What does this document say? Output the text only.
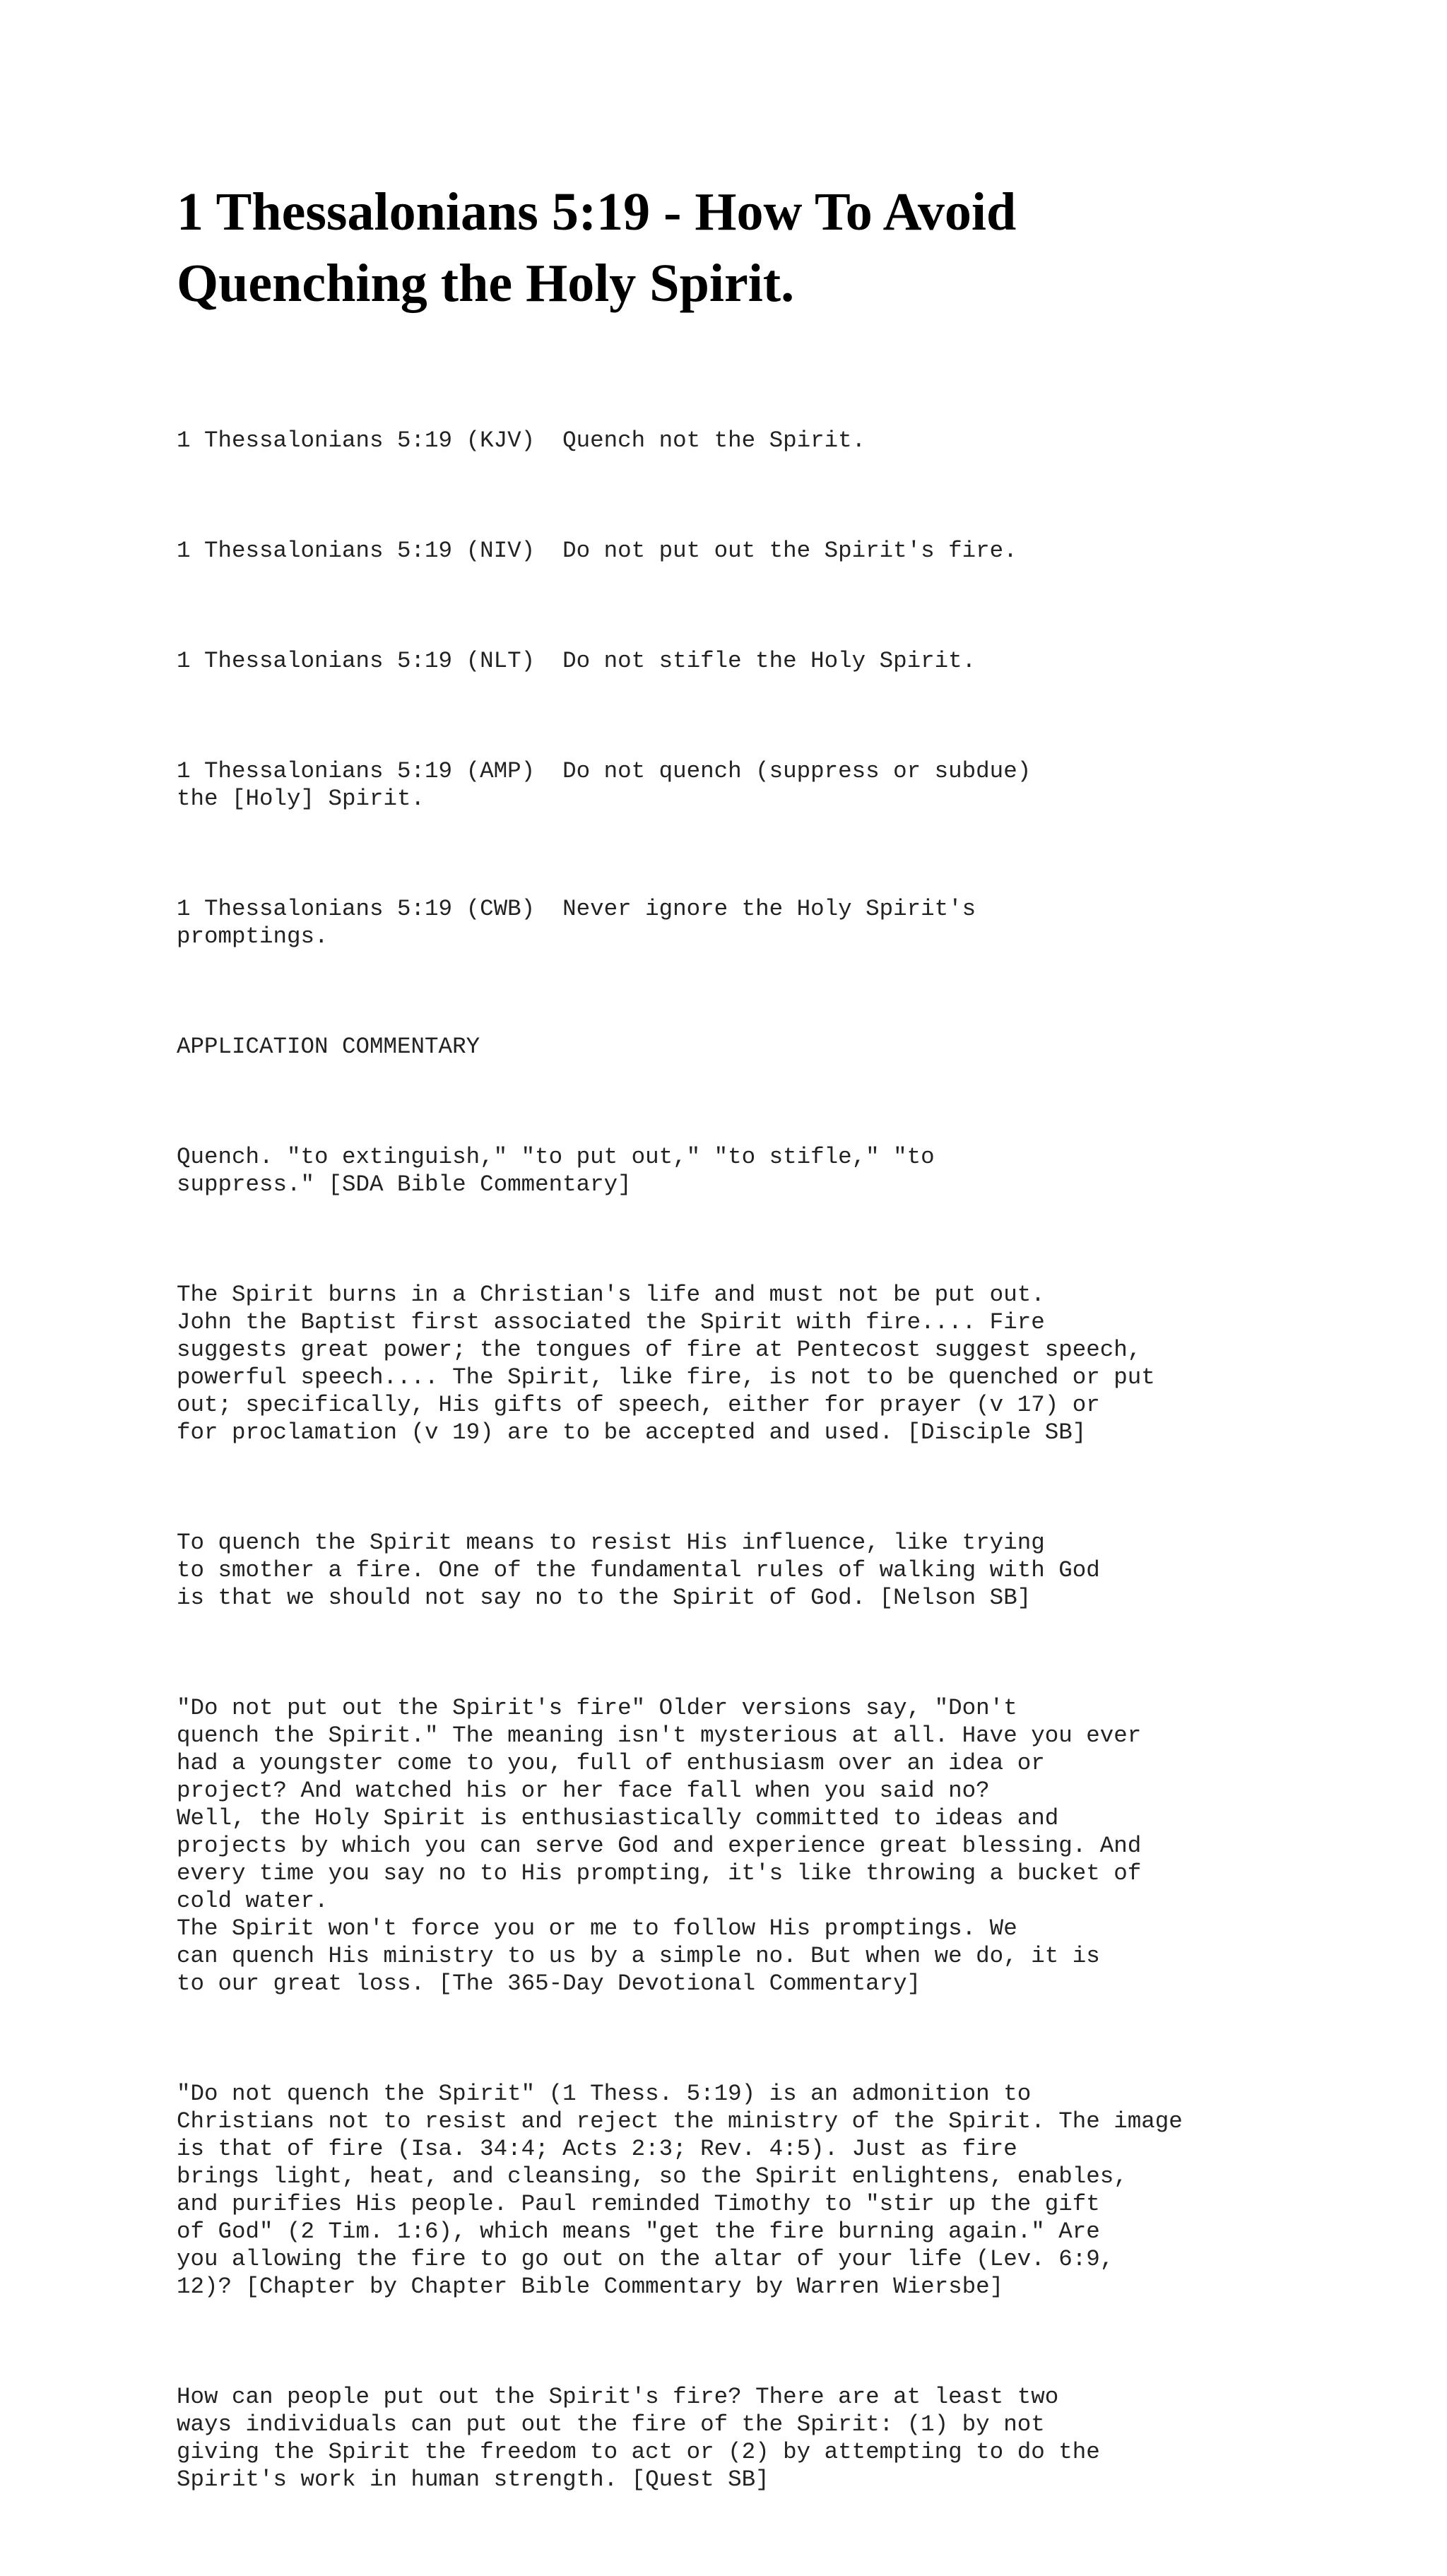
1 Thessalonians 5:19 - How To Avoid
Quenching the Holy Spirit.

1 Thessalonians 5:19 (KJV)  Quench not the Spirit.

1 Thessalonians 5:19 (NIV)  Do not put out the Spirit's fire.

1 Thessalonians 5:19 (NLT)  Do not stifle the Holy Spirit.

1 Thessalonians 5:19 (AMP)  Do not quench (suppress or subdue)
the [Holy] Spirit.

1 Thessalonians 5:19 (CWB)  Never ignore the Holy Spirit's
promptings.

APPLICATION COMMENTARY

Quench. "to extinguish," "to put out," "to stifle," "to
suppress." [SDA Bible Commentary]

The Spirit burns in a Christian's life and must not be put out.
John the Baptist first associated the Spirit with fire.... Fire
suggests great power; the tongues of fire at Pentecost suggest speech,
powerful speech.... The Spirit, like fire, is not to be quenched or put
out; specifically, His gifts of speech, either for prayer (v 17) or
for proclamation (v 19) are to be accepted and used. [Disciple SB]

To quench the Spirit means to resist His influence, like trying
to smother a fire. One of the fundamental rules of walking with God
is that we should not say no to the Spirit of God. [Nelson SB]

"Do not put out the Spirit's fire" Older versions say, "Don't
quench the Spirit." The meaning isn't mysterious at all. Have you ever
had a youngster come to you, full of enthusiasm over an idea or
project? And watched his or her face fall when you said no?
Well, the Holy Spirit is enthusiastically committed to ideas and
projects by which you can serve God and experience great blessing. And
every time you say no to His prompting, it's like throwing a bucket of
cold water.
The Spirit won't force you or me to follow His promptings. We
can quench His ministry to us by a simple no. But when we do, it is
to our great loss. [The 365-Day Devotional Commentary]

"Do not quench the Spirit" (1 Thess. 5:19) is an admonition to
Christians not to resist and reject the ministry of the Spirit. The image
is that of fire (Isa. 34:4; Acts 2:3; Rev. 4:5). Just as fire
brings light, heat, and cleansing, so the Spirit enlightens, enables,
and purifies His people. Paul reminded Timothy to "stir up the gift
of God" (2 Tim. 1:6), which means "get the fire burning again." Are
you allowing the fire to go out on the altar of your life (Lev. 6:9,
12)? [Chapter by Chapter Bible Commentary by Warren Wiersbe]

How can people put out the Spirit's fire? There are at least two
ways individuals can put out the fire of the Spirit: (1) by not
giving the Spirit the freedom to act or (2) by attempting to do the
Spirit's work in human strength. [Quest SB]
